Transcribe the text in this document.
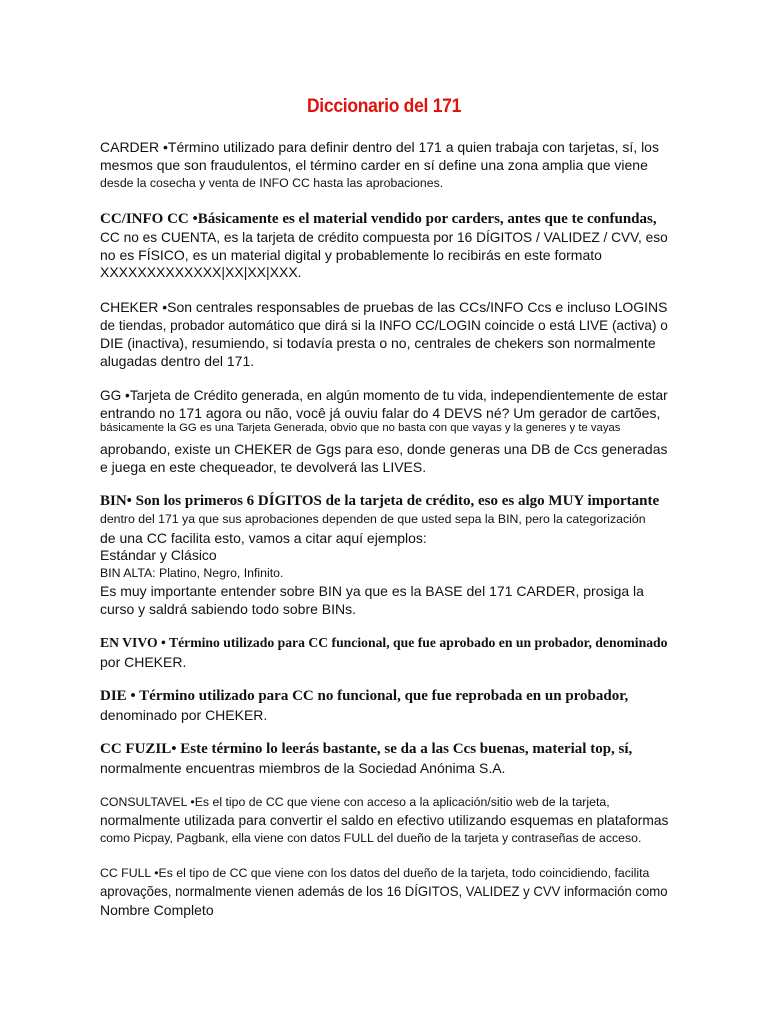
Diccionario del 171
CARDER •Término utilizado para definir dentro del 171 a quien trabaja con tarjetas, sí, los
mesmos que son fraudulentos, el término carder en sí define una zona amplia que viene
desde la cosecha y venta de INFO CC hasta las aprobaciones.
CC/INFO CC •Básicamente es el material vendido por carders, antes que te confundas,
CC no es CUENTA, es la tarjeta de crédito compuesta por 16 DÍGITOS / VALIDEZ / CVV, eso
no es FÍSICO, es un material digital y probablemente lo recibirás en este formato
XXXXXXXXXXXXX|XX|XX|XXX.
CHEKER •Son centrales responsables de pruebas de las CCs/INFO Ccs e incluso LOGINS
de tiendas, probador automático que dirá si la INFO CC/LOGIN coincide o está LIVE (activa) o
DIE (inactiva), resumiendo, si todavía presta o no, centrales de chekers son normalmente
alugadas dentro del 171.
GG •Tarjeta de Crédito generada, en algún momento de tu vida, independientemente de estar
entrando no 171 agora ou não, você já ouviu falar do 4 DEVS né? Um gerador de cartões,
básicamente la GG es una Tarjeta Generada, obvio que no basta con que vayas y la generes y te vayas
aprobando, existe un CHEKER de Ggs para eso, donde generas una DB de Ccs generadas
e juega en este chequeador, te devolverá las LIVES.
BIN• Son los primeros 6 DÍGITOS de la tarjeta de crédito, eso es algo MUY importante
dentro del 171 ya que sus aprobaciones dependen de que usted sepa la BIN, pero la categorización
de una CC facilita esto, vamos a citar aquí ejemplos:
Estándar y Clásico
BIN ALTA: Platino, Negro, Infinito.
Es muy importante entender sobre BIN ya que es la BASE del 171 CARDER, prosiga la
curso y saldrá sabiendo todo sobre BINs.
EN VIVO • Término utilizado para CC funcional, que fue aprobado en un probador, denominado
por CHEKER.
DIE • Término utilizado para CC no funcional, que fue reprobada en un probador,
denominado por CHEKER.
CC FUZIL• Este término lo leerás bastante, se da a las Ccs buenas, material top, sí,
normalmente encuentras miembros de la Sociedad Anónima S.A.
CONSULTAVEL •Es el tipo de CC que viene con acceso a la aplicación/sitio web de la tarjeta,
normalmente utilizada para convertir el saldo en efectivo utilizando esquemas en plataformas
como Picpay, Pagbank, ella viene con datos FULL del dueño de la tarjeta y contraseñas de acceso.
CC FULL •Es el tipo de CC que viene con los datos del dueño de la tarjeta, todo coincidiendo, facilita
aprovações, normalmente vienen además de los 16 DÍGITOS, VALIDEZ y CVV información como
Nombre Completo
